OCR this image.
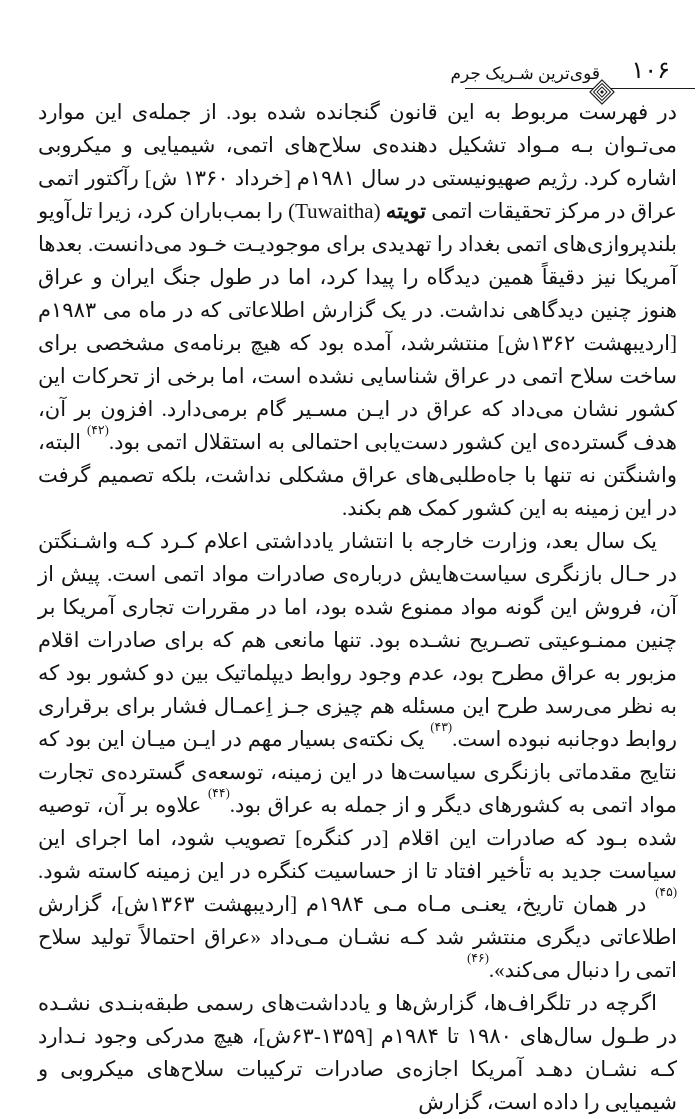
۱۰۶
قوی‌ترین شـریک جرم

در فهرست مربوط به این قانون گنجانده شده بود. از جمله‌ی این موارد می‌تـوان بـه مـواد تشکیل دهنده‌ی سلاح‌های اتمی، شیمیایی و میکروبی اشاره کرد. رژیم صهیونیستی در سال ۱۹۸۱م [خرداد ۱۳۶۰ ش] رآکتور اتمی عراق در مرکز تحقیقات اتمی تویته (Tuwaitha) را بمب‌باران کرد، زیرا تل‌آویو بلندپروازی‌های اتمی بغداد را تهدیدی برای موجودیـت خـود می‌دانست. بعدها آمریکا نیز دقیقاً همین دیدگاه را پیدا کرد، اما در طول جنگ ایران و عراق هنوز چنین دیدگاهی نداشت. در یک گزارش اطلاعاتی که در ماه می ۱۹۸۳م [اردیبهشت ۱۳۶۲ش] منتشرشد، آمده بود که هیچ برنامه‌ی مشخصی برای ساخت سلاح اتمی در عراق شناسایی نشده است، اما برخی از تحرکات این کشور نشان می‌داد که عراق در ایـن مسـیر گام برمی‌دارد. افزون بر آن، هدف گسترده‌ی این کشور دست‌یابی احتمالی به استقلال اتمی بود.$^{(۴۲)}$ البته، واشنگتن نه تنها با جاه‌طلبی‌های عراق مشکلی نداشت، بلکه تصمیم گرفت در این زمینه به این کشور کمک هم بکند.

یک سال بعد، وزارت خارجه با انتشار یادداشتی اعلام کـرد کـه واشـنگتن در حـال بازنگری سیاست‌هایش درباره‌ی صادرات مواد اتمی است. پیش از آن، فروش این گونه مواد ممنوع شده بود، اما در مقررات تجاری آمریکا بر چنین ممنـوعیتی تصـریح نشـده بود. تنها مانعی هم که برای صادرات اقلام مزبور به عراق مطرح بود، عدم وجود روابط دیپلماتیک بین دو کشور بود که به نظر می‌رسد طرح این مسئله هم چیزی جـز اِعمـال فشار برای برقراری روابط دوجانبه نبوده است.$^{(۴۳)}$ یک نکته‌ی بسیار مهم در ایـن میـان این بود که نتایج مقدماتی بازنگری سیاست‌ها در این زمینه، توسعه‌ی گسترده‌ی تجارت مواد اتمی به کشورهای دیگر و از جمله به عراق بود.$^{(۴۴)}$ علاوه بر آن، توصیه شده بـود که صادرات این اقلام [در کنگره] تصویب شود، اما اجرای این سیاست جدید به تأخیر افتاد تا از حساسیت کنگره در این زمینه کاسته شود.$^{(۴۵)}$ در همان تاریخ، یعنـی مـاه مـی ۱۹۸۴م [اردیبهشت ۱۳۶۳ش]، گزارش اطلاعاتی دیگری منتشر شد کـه نشـان مـی‌داد «عراق احتمالاً تولید سلاح اتمی را دنبال می‌کند».$^{(۴۶)}$

اگرچه در تلگراف‌ها، گزارش‌ها و یادداشت‌های رسمی طبقه‌بنـدی نشـده در طـول سال‌های ۱۹۸۰ تا ۱۹۸۴م [۱۳۵۹-۶۳ش]، هیچ مدرکی وجود نـدارد کـه نشـان دهـد آمریکا اجازه‌ی صادرات ترکیبات سلاح‌های میکروبی و شیمیایی را داده است، گزارش
